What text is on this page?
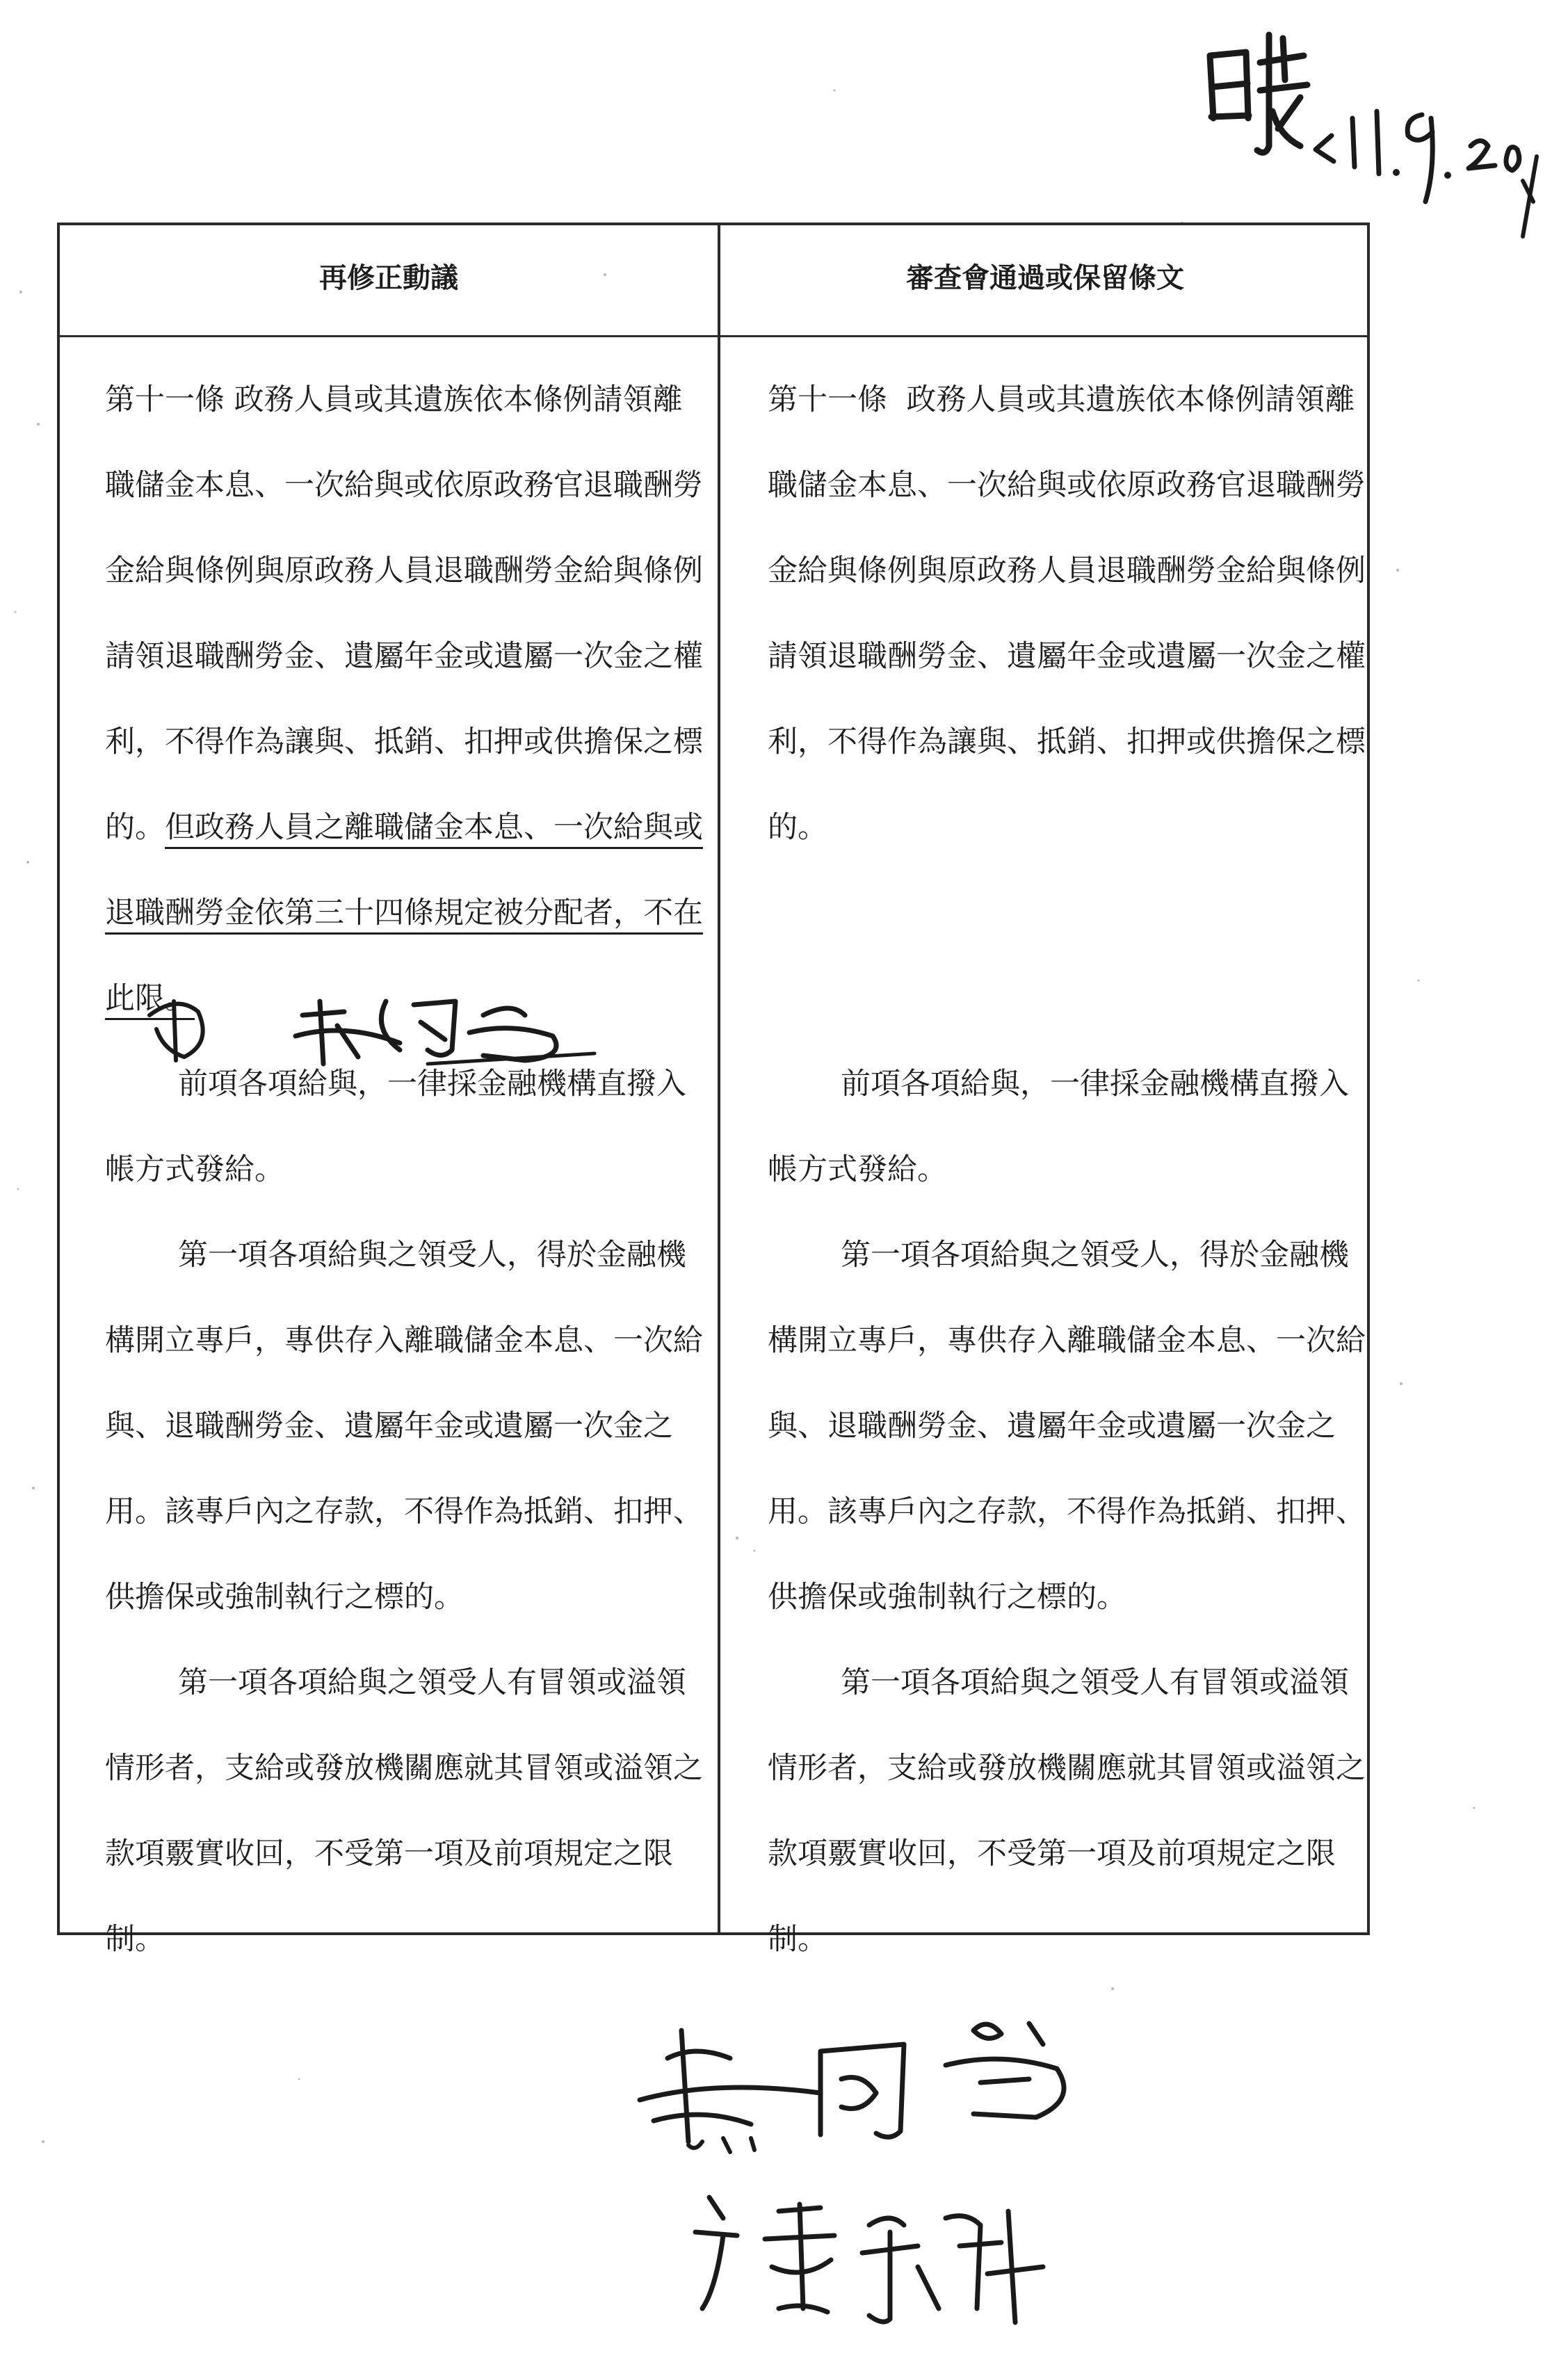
再修正動議	審查會通過或保留條文

第十一條 政務人員或其遺族依本條例請領離職儲金本息、一次給與或依原政務官退職酬勞金給與條例與原政務人員退職酬勞金給與條例請領退職酬勞金、遺屬年金或遺屬一次金之權利，不得作為讓與、抵銷、扣押或供擔保之標的。但政務人員之離職儲金本息、一次給與或退職酬勞金依第三十四條規定被分配者，不在此限。

前項各項給與，一律採金融機構直撥入帳方式發給。

第一項各項給與之領受人，得於金融機構開立專戶，專供存入離職儲金本息、一次給與、退職酬勞金、遺屬年金或遺屬一次金之用。該專戶內之存款，不得作為抵銷、扣押、供擔保或強制執行之標的。

第一項各項給與之領受人有冒領或溢領情形者，支給或發放機關應就其冒領或溢領之款項覈實收回，不受第一項及前項規定之限制。

第十一條 政務人員或其遺族依本條例請領離職儲金本息、一次給與或依原政務官退職酬勞金給與條例與原政務人員退職酬勞金給與條例請領退職酬勞金、遺屬年金或遺屬一次金之權利，不得作為讓與、抵銷、扣押或供擔保之標的。

前項各項給與，一律採金融機構直撥入帳方式發給。

第一項各項給與之領受人，得於金融機構開立專戶，專供存入離職儲金本息、一次給與、退職酬勞金、遺屬年金或遺屬一次金之用。該專戶內之存款，不得作為抵銷、扣押、供擔保或強制執行之標的。

第一項各項給與之領受人有冒領或溢領情形者，支給或發放機關應就其冒領或溢領之款項覈實收回，不受第一項及前項規定之限制。
